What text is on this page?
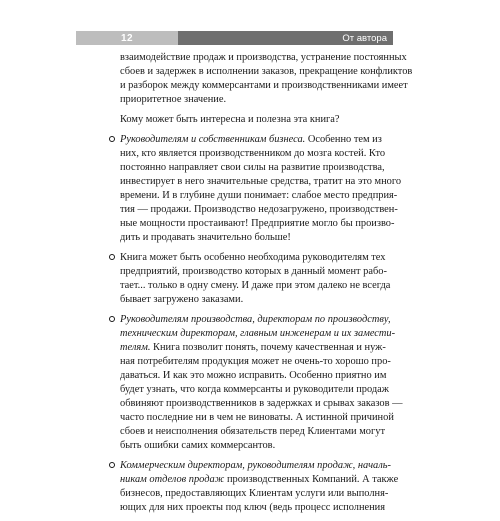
12	От автора
взаимодействие продаж и производства, устранение постоянных
сбоев и задержек в исполнении заказов, прекращение конфликтов
и разборок между коммерсантами и производственниками имеет
приоритетное значение.
Кому может быть интересна и полезна эта книга?
Руководителям и собственникам бизнеса. Особенно тем из
них, кто является производственником до мозга костей. Кто
постоянно направляет свои силы на развитие производства,
инвестирует в него значительные средства, тратит на это много
времени. И в глубине души понимает: слабое место предприя-
тия — продажи. Производство недозагружено, производствен-
ные мощности простаивают! Предприятие могло бы произво-
дить и продавать значительно больше!
Книга может быть особенно необходима руководителям тех
предприятий, производство которых в данный момент рабо-
тает... только в одну смену. И даже при этом далеко не всегда
бывает загружено заказами.
Руководителям производства, директорам по производству,
техническим директорам, главным инженерам и их замести-
телям. Книга позволит понять, почему качественная и нуж-
ная потребителям продукция может не очень-то хорошо про-
даваться. И как это можно исправить. Особенно приятно им
будет узнать, что когда коммерсанты и руководители продаж
обвиняют производственников в задержках и срывах заказов —
часто последние ни в чем не виноваты. А истинной причиной
сбоев и неисполнения обязательств перед Клиентами могут
быть ошибки самих коммерсантов.
Коммерческим директорам, руководителям продаж, началь-
никам отделов продаж производственных Компаний. А также
бизнесов, предоставляющих Клиентам услуги или выполня-
ющих для них проекты под ключ (ведь процесс исполнения
